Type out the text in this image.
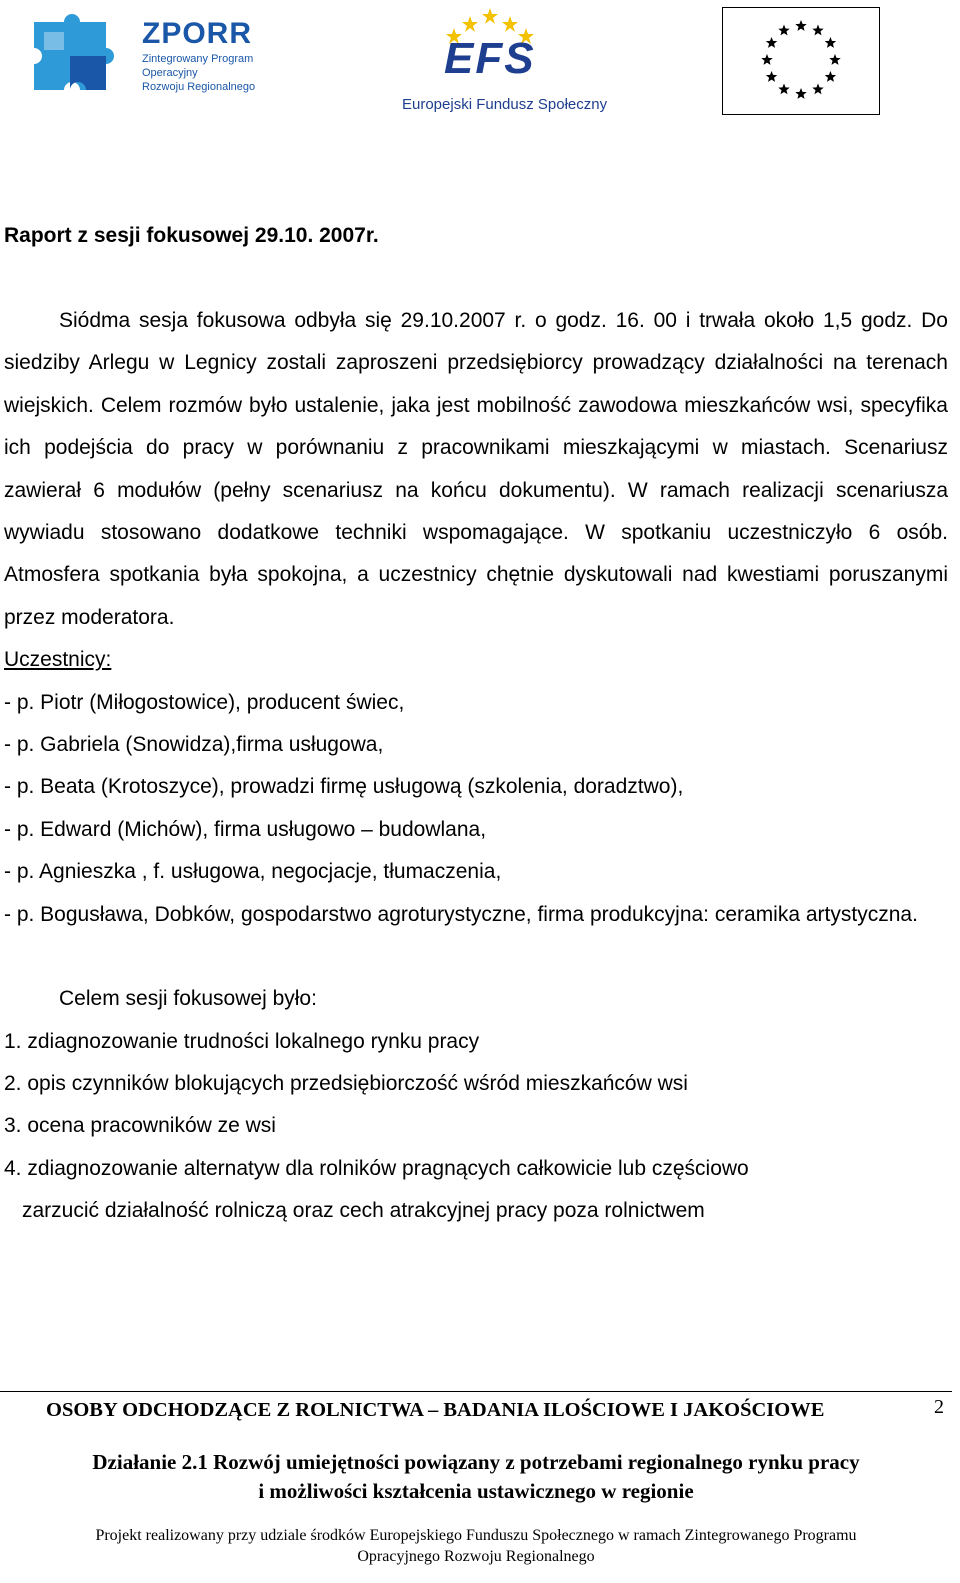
ZPORR
Zintegrowany Program
Operacyjny
Rozwoju Regionalnego
EFS
Europejski Fundusz Społeczny

Raport z sesji fokusowej 29.10. 2007r.

Siódma sesja fokusowa odbyła się 29.10.2007 r. o godz. 16. 00 i trwała około 1,5 godz. Do siedziby Arlegu w Legnicy zostali zaproszeni przedsiębiorcy prowadzący działalności na terenach wiejskich. Celem rozmów było ustalenie, jaka jest mobilność zawodowa mieszkańców wsi, specyfika ich podejścia do pracy w porównaniu z pracownikami mieszkającymi w miastach. Scenariusz zawierał 6 modułów (pełny scenariusz na końcu dokumentu). W ramach realizacji scenariusza wywiadu stosowano dodatkowe techniki wspomagające. W spotkaniu uczestniczyło 6 osób. Atmosfera spotkania była spokojna, a uczestnicy chętnie dyskutowali nad kwestiami poruszanymi przez moderatora.

Uczestnicy:

- p. Piotr (Miłogostowice), producent świec,

- p. Gabriela (Snowidza),firma usługowa,

- p. Beata (Krotoszyce), prowadzi firmę usługową (szkolenia, doradztwo),

- p. Edward (Michów), firma usługowo – budowlana,

- p. Agnieszka , f. usługowa, negocjacje, tłumaczenia,

- p. Bogusława, Dobków, gospodarstwo agroturystyczne, firma produkcyjna: ceramika artystyczna.

Celem sesji fokusowej było:

1. zdiagnozowanie trudności lokalnego rynku pracy

2. opis czynników blokujących przedsiębiorczość wśród mieszkańców wsi

3. ocena pracowników ze wsi

4. zdiagnozowanie alternatyw dla rolników pragnących całkowicie lub częściowo

zarzucić działalność rolniczą oraz cech atrakcyjnej pracy poza rolnictwem

OSOBY ODCHODZĄCE Z ROLNICTWA – BADANIA ILOŚCIOWE I JAKOŚCIOWE	2
Działanie 2.1 Rozwój umiejętności powiązany z potrzebami regionalnego rynku pracy
i możliwości kształcenia ustawicznego w regionie
Projekt realizowany przy udziale środków Europejskiego Funduszu Społecznego w ramach Zintegrowanego Programu
Opracyjnego Rozwoju Regionalnego
